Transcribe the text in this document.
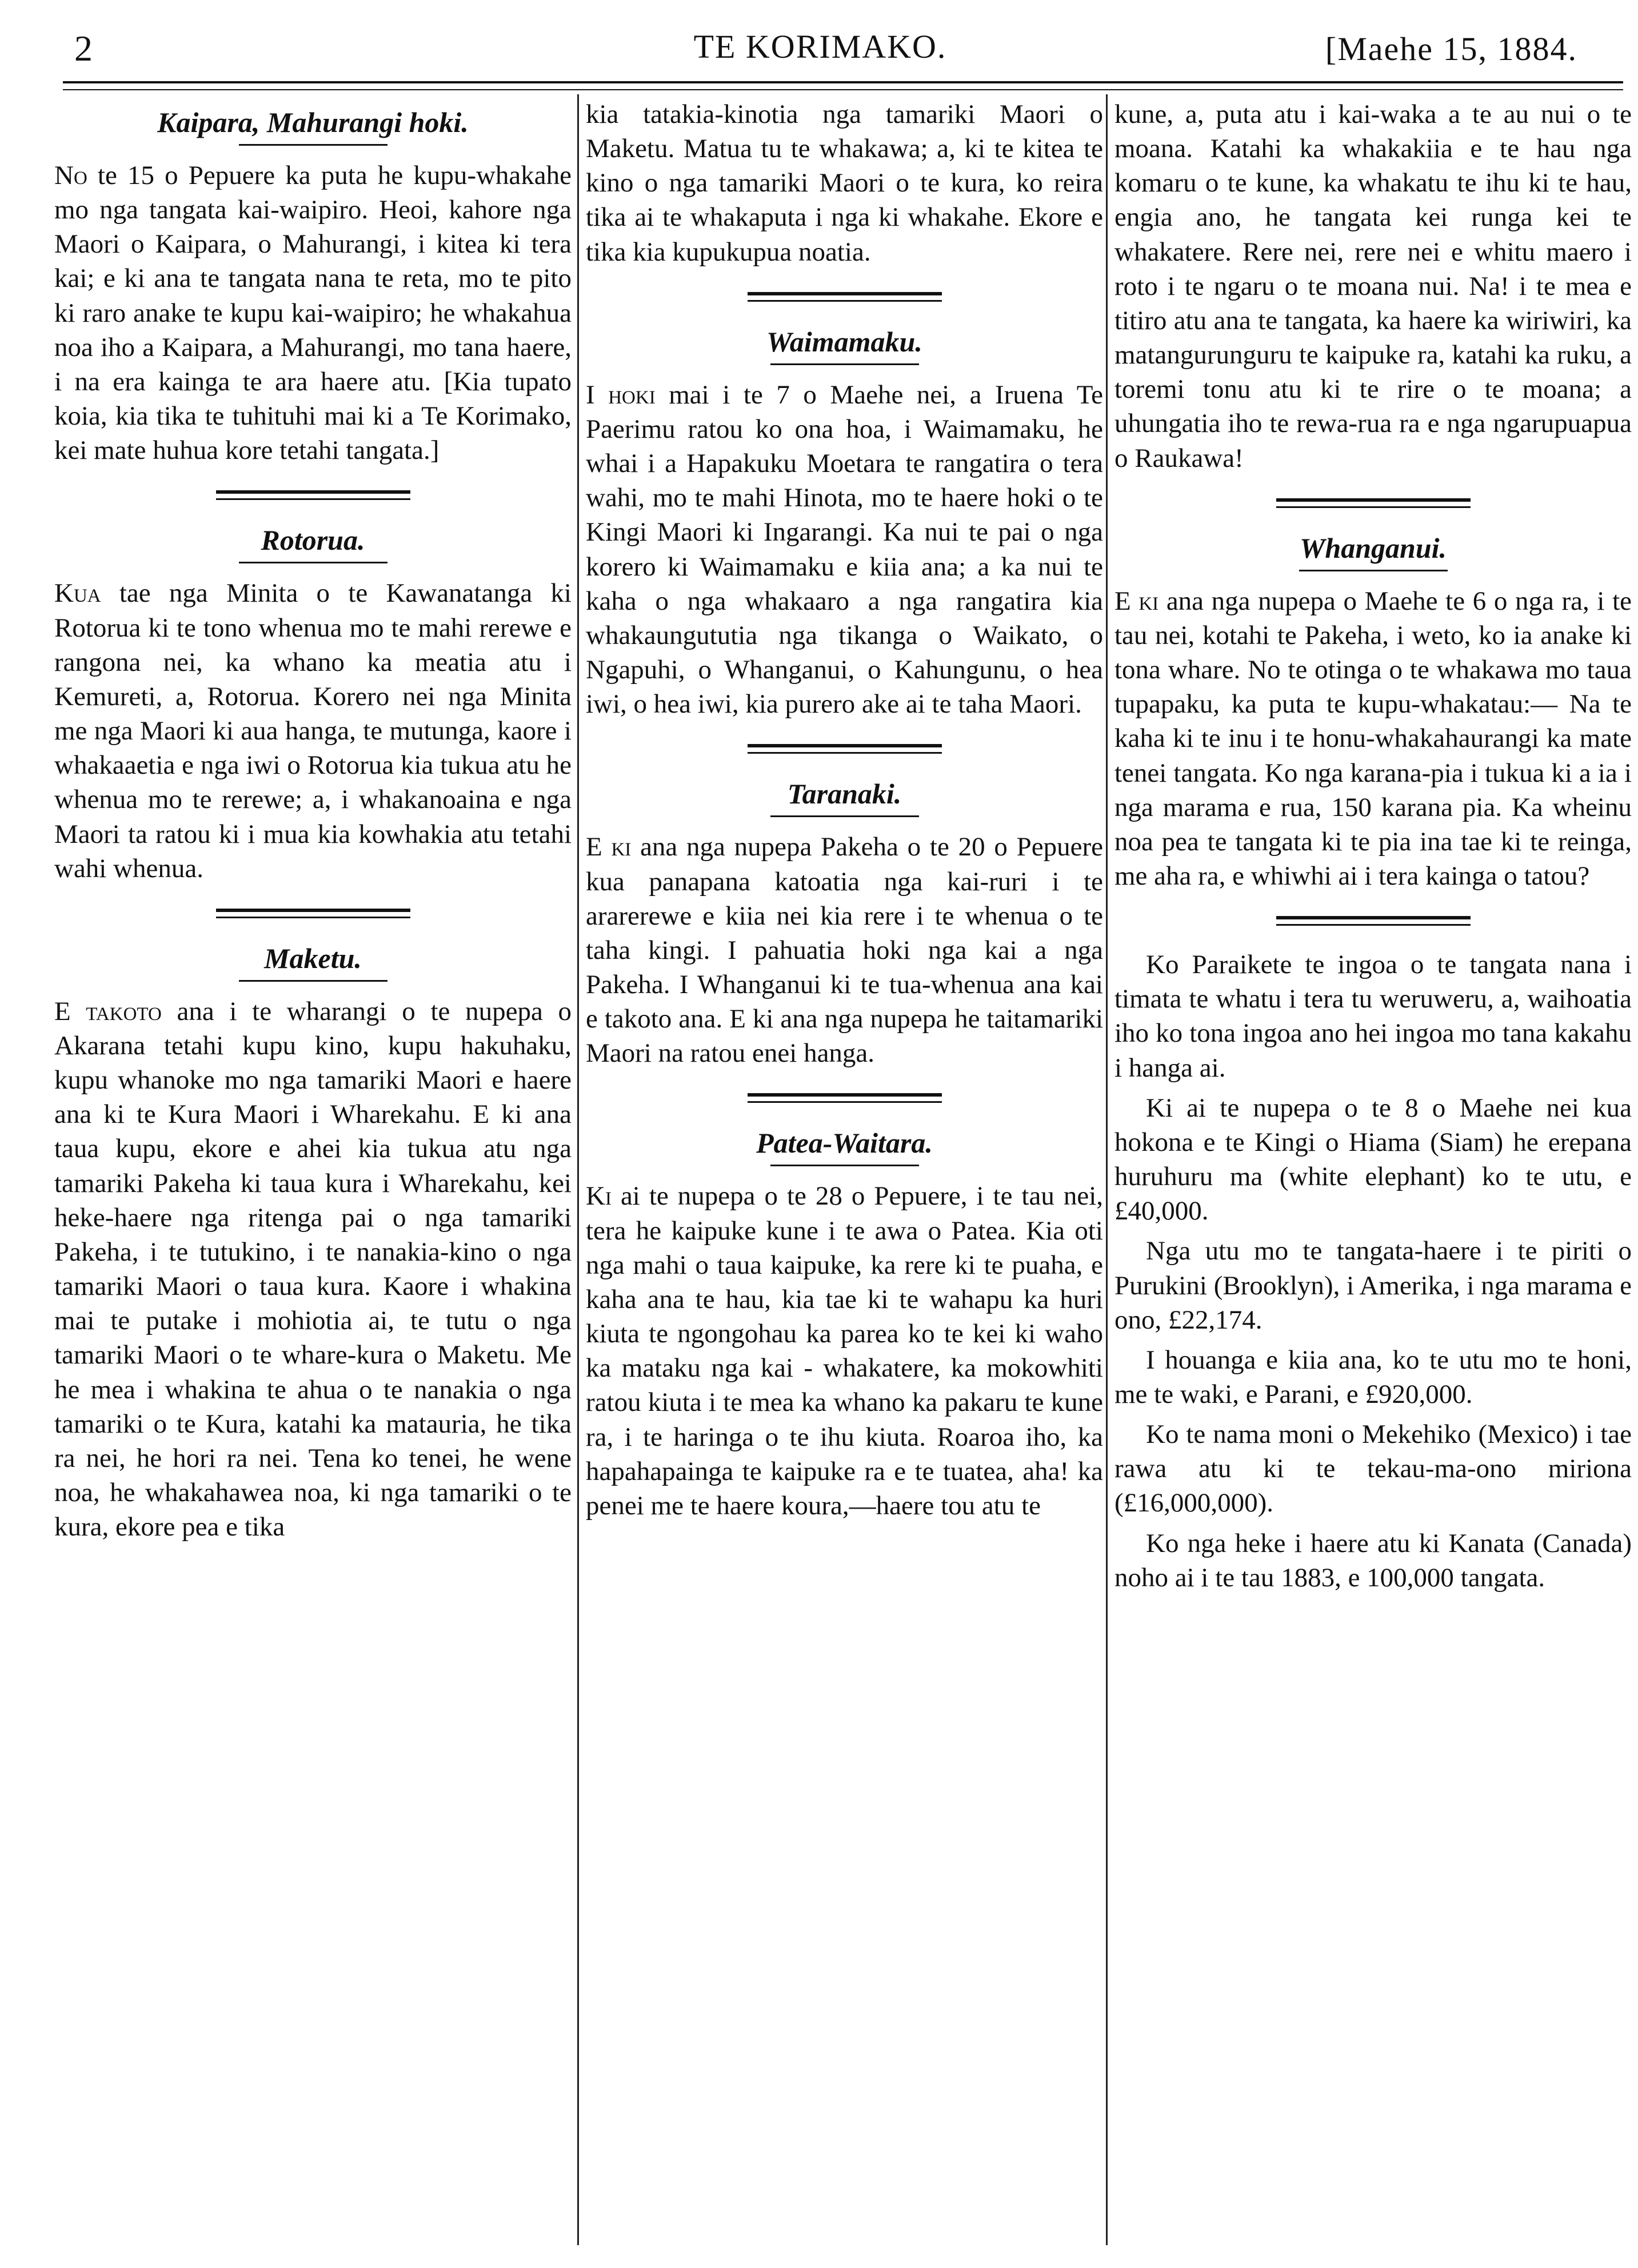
2	TE KORIMAKO.	[Maehe 15, 1884.
Kaipara, Mahurangi hoki.

No te 15 o Pepuere ka puta he kupu-whakahe mo nga tangata kai-waipiro. Heoi, kahore nga Maori o Kaipara, o Mahurangi, i kitea ki tera kai; e ki ana te tangata nana te reta, mo te pito ki raro anake te kupu kai-waipiro; he whakahua noa iho a Kaipara, a Mahurangi, mo tana haere, i na era kainga te ara haere atu. [Kia tupato koia, kia tika te tuhituhi mai ki a Te Korimako, kei mate huhua kore tetahi tangata.]

Rotorua.

Kua tae nga Minita o te Kawanatanga ki Rotorua ki te tono whenua mo te mahi rerewe e rangona nei, ka whano ka meatia atu i Kemureti, a, Rotorua. Korero nei nga Minita me nga Maori ki aua hanga, te mutunga, kaore i whakaaetia e nga iwi o Rotorua kia tukua atu he whenua mo te rerewe; a, i whakanoaina e nga Maori ta ratou ki i mua kia kowhakia atu tetahi wahi whenua.

Maketu.

E takoto ana i te wharangi o te nupepa o Akarana tetahi kupu kino, kupu hakuhaku, kupu whanoke mo nga tamariki Maori e haere ana ki te Kura Maori i Wharekahu. E ki ana taua kupu, ekore e ahei kia tukua atu nga tamariki Pakeha ki taua kura i Wharekahu, kei heke-haere nga ritenga pai o nga tamariki Pakeha, i te tutukino, i te nanakia-kino o nga tamariki Maori o taua kura. Kaore i whakina mai te putake i mohiotia ai, te tutu o nga tamariki Maori o te whare-kura o Maketu. Me he mea i whakina te ahua o te nanakia o nga tamariki o te Kura, katahi ka matauria, he tika ra nei, he hori ra nei. Tena ko tenei, he wene noa, he whakahawea noa, ki nga tamariki o te kura, ekore pea e tika

kia tatakia-kinotia nga tamariki Maori o Maketu. Matua tu te whakawa; a, ki te kitea te kino o nga tamariki Maori o te kura, ko reira tika ai te whakaputa i nga ki whakahe. Ekore e tika kia kupukupua noatia.

Waimamaku.

I hoki mai i te 7 o Maehe nei, a Iruena Te Paerimu ratou ko ona hoa, i Waimamaku, he whai i a Hapakuku Moetara te rangatira o tera wahi, mo te mahi Hinota, mo te haere hoki o te Kingi Maori ki Ingarangi. Ka nui te pai o nga korero ki Waimamaku e kiia ana; a ka nui te kaha o nga whakaaro a nga rangatira kia whakaungututia nga tikanga o Waikato, o Ngapuhi, o Whanganui, o Kahungunu, o hea iwi, o hea iwi, kia purero ake ai te taha Maori.

Taranaki.

E ki ana nga nupepa Pakeha o te 20 o Pepuere kua panapana katoatia nga kai-ruri i te ararerewe e kiia nei kia rere i te whenua o te taha kingi. I pahuatia hoki nga kai a nga Pakeha. I Whanganui ki te tua-whenua ana kai e takoto ana. E ki ana nga nupepa he taitamariki Maori na ratou enei hanga.

Patea-Waitara.

Ki ai te nupepa o te 28 o Pepuere, i te tau nei, tera he kaipuke kune i te awa o Patea. Kia oti nga mahi o taua kaipuke, ka rere ki te puaha, e kaha ana te hau, kia tae ki te wahapu ka huri kiuta te ngongohau ka parea ko te kei ki waho ka mataku nga kai - whakatere, ka mokowhiti ratou kiuta i te mea ka whano ka pakaru te kune ra, i te haringa o te ihu kiuta. Roaroa iho, ka hapahapainga te kaipuke ra e te tuatea, aha! ka penei me te haere koura,—haere tou atu te

kune, a, puta atu i kai-waka a te au nui o te moana. Katahi ka whakakiia e te hau nga komaru o te kune, ka whakatu te ihu ki te hau, engia ano, he tangata kei runga kei te whakatere. Rere nei, rere nei e whitu maero i roto i te ngaru o te moana nui. Na! i te mea e titiro atu ana te tangata, ka haere ka wiriwiri, ka matangurunguru te kaipuke ra, katahi ka ruku, a toremi tonu atu ki te rire o te moana; a uhungatia iho te rewa-rua ra e nga ngarupuapua o Raukawa!

Whanganui.

E ki ana nga nupepa o Maehe te 6 o nga ra, i te tau nei, kotahi te Pakeha, i weto, ko ia anake ki tona whare. No te otinga o te whakawa mo taua tupapaku, ka puta te kupu-whakatau:— Na te kaha ki te inu i te honu-whakahaurangi ka mate tenei tangata. Ko nga karana-pia i tukua ki a ia i nga marama e rua, 150 karana pia. Ka wheinu noa pea te tangata ki te pia ina tae ki te reinga, me aha ra, e whiwhi ai i tera kainga o tatou?

Ko Paraikete te ingoa o te tangata nana i timata te whatu i tera tu weruweru, a, waihoatia iho ko tona ingoa ano hei ingoa mo tana kakahu i hanga ai.

Ki ai te nupepa o te 8 o Maehe nei kua hokona e te Kingi o Hiama (Siam) he erepana huruhuru ma (white elephant) ko te utu, e £40,000.

Nga utu mo te tangata-haere i te piriti o Purukini (Brooklyn), i Amerika, i nga marama e ono, £22,174.

I houanga e kiia ana, ko te utu mo te honi, me te waki, e Parani, e £920,000.

Ko te nama moni o Mekehiko (Mexico) i tae rawa atu ki te tekau-ma-ono miriona (£16,000,000).

Ko nga heke i haere atu ki Kanata (Canada) noho ai i te tau 1883, e 100,000 tangata.
